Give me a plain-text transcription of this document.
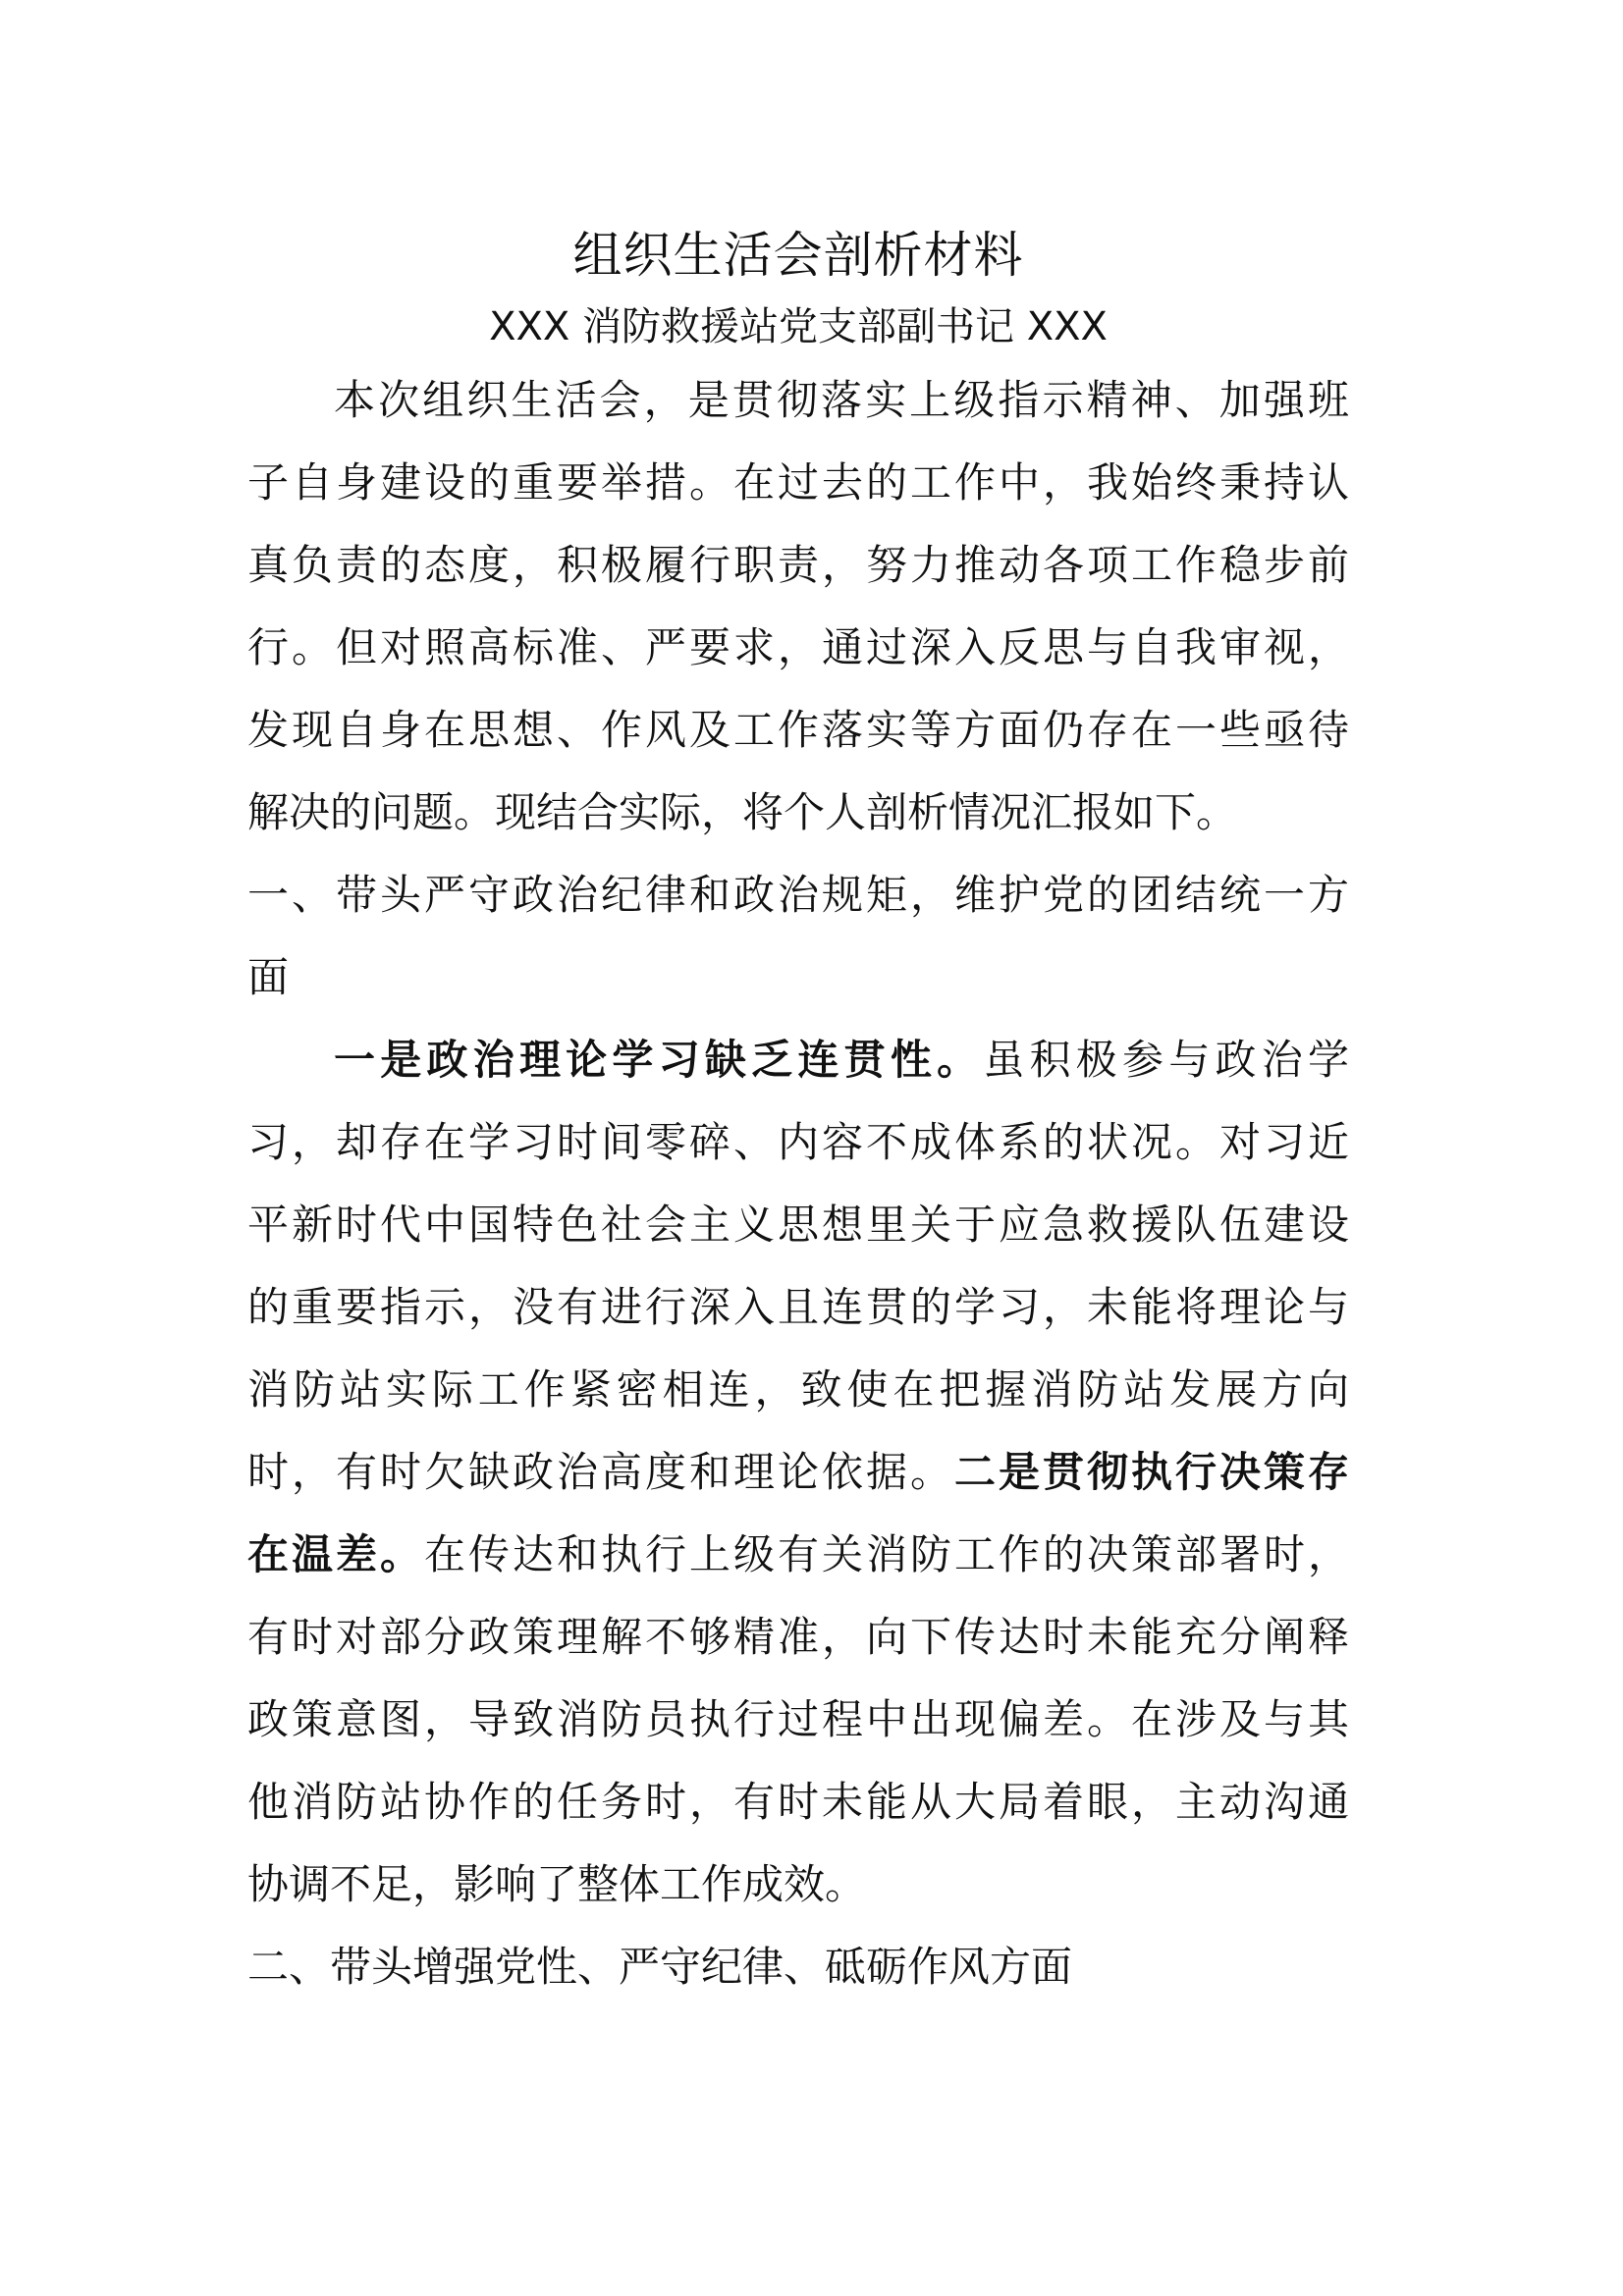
组织生活会剖析材料
XXX 消防救援站党支部副书记 XXX
本次组织生活会，是贯彻落实上级指示精神、加强班
子自身建设的重要举措。在过去的工作中，我始终秉持认
真负责的态度，积极履行职责，努力推动各项工作稳步前
行。但对照高标准、严要求，通过深入反思与自我审视，
发现自身在思想、作风及工作落实等方面仍存在一些亟待
解决的问题。现结合实际，将个人剖析情况汇报如下。
一、带头严守政治纪律和政治规矩，维护党的团结统一方
面
一是政治理论学习缺乏连贯性。虽积极参与政治学
习，却存在学习时间零碎、内容不成体系的状况。对习近
平新时代中国特色社会主义思想里关于应急救援队伍建设
的重要指示，没有进行深入且连贯的学习，未能将理论与
消防站实际工作紧密相连，致使在把握消防站发展方向
时，有时欠缺政治高度和理论依据。二是贯彻执行决策存
在温差。在传达和执行上级有关消防工作的决策部署时，
有时对部分政策理解不够精准，向下传达时未能充分阐释
政策意图，导致消防员执行过程中出现偏差。在涉及与其
他消防站协作的任务时，有时未能从大局着眼，主动沟通
协调不足，影响了整体工作成效。
二、带头增强党性、严守纪律、砥砺作风方面
